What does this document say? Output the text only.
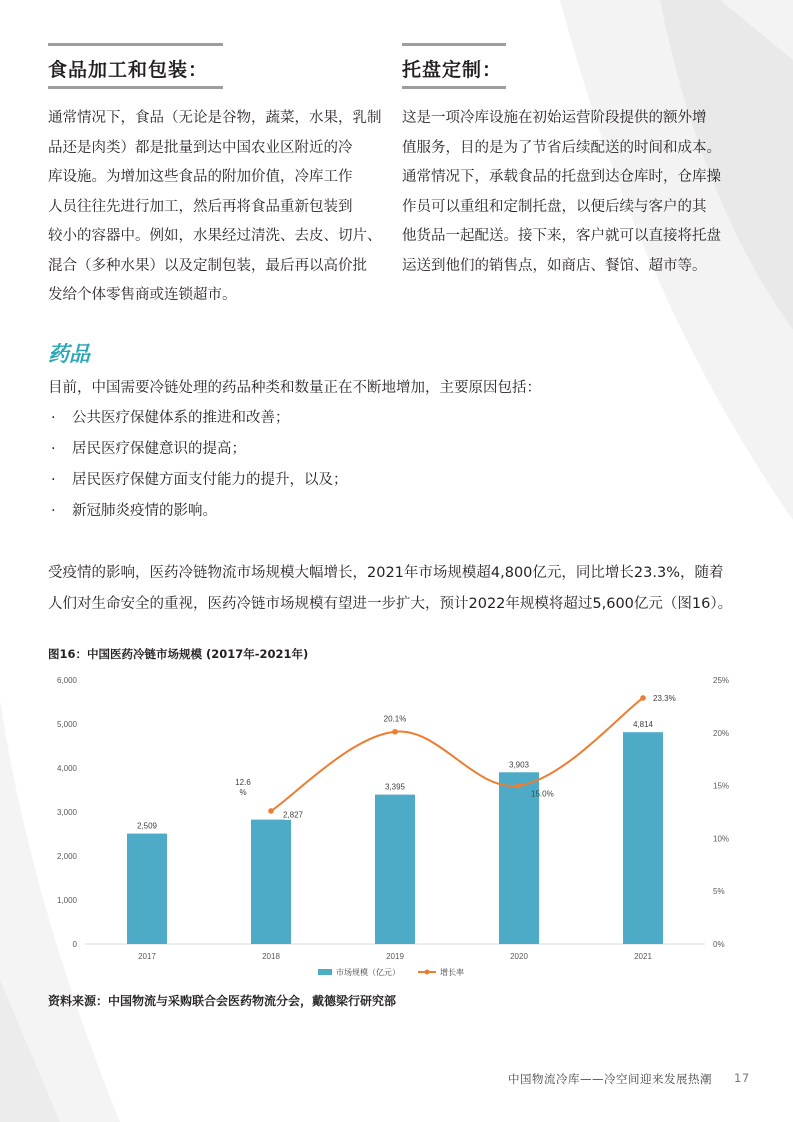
食品加工和包装：
通常情况下，食品（无论是谷物，蔬菜，水果，乳制
品还是肉类）都是批量到达中国农业区附近的冷
库设施。为增加这些食品的附加价值，冷库工作
人员往往先进行加工，然后再将食品重新包装到
较小的容器中。例如，水果经过清洗、去皮、切片、
混合（多种水果）以及定制包装，最后再以高价批
发给个体零售商或连锁超市。
托盘定制：
这是一项冷库设施在初始运营阶段提供的额外增
值服务，目的是为了节省后续配送的时间和成本。
通常情况下，承载食品的托盘到达仓库时，仓库操
作员可以重组和定制托盘，以便后续与客户的其
他货品一起配送。接下来，客户就可以直接将托盘
运送到他们的销售点，如商店、餐馆、超市等。
药品
目前，中国需要冷链处理的药品种类和数量正在不断地增加，主要原因包括：
· 公共医疗保健体系的推进和改善；
· 居民医疗保健意识的提高；
· 居民医疗保健方面支付能力的提升，以及；
· 新冠肺炎疫情的影响。
受疫情的影响，医药冷链物流市场规模大幅增长，2021年市场规模超4,800亿元，同比增长23.3%，随着
人们对生命安全的重视，医药冷链市场规模有望进一步扩大，预计2022年规模将超过5,600亿元（图16）。
图16：中国医药冷链市场规模 (2017年-2021年)
0
1,000
2,000
3,000
4,000
5,000
6,000
0%
5%
10%
15%
20%
25%
2017	2018	2019	2020	2021
2,509
2,827
3,395
3,903
4,814
12.6 %
20.1%
15.0%
23.3%
市场规模（亿元）	增长率
资料来源：中国物流与采购联合会医药物流分会，戴德梁行研究部
中国物流冷库——冷空间迎来发展热潮 17
